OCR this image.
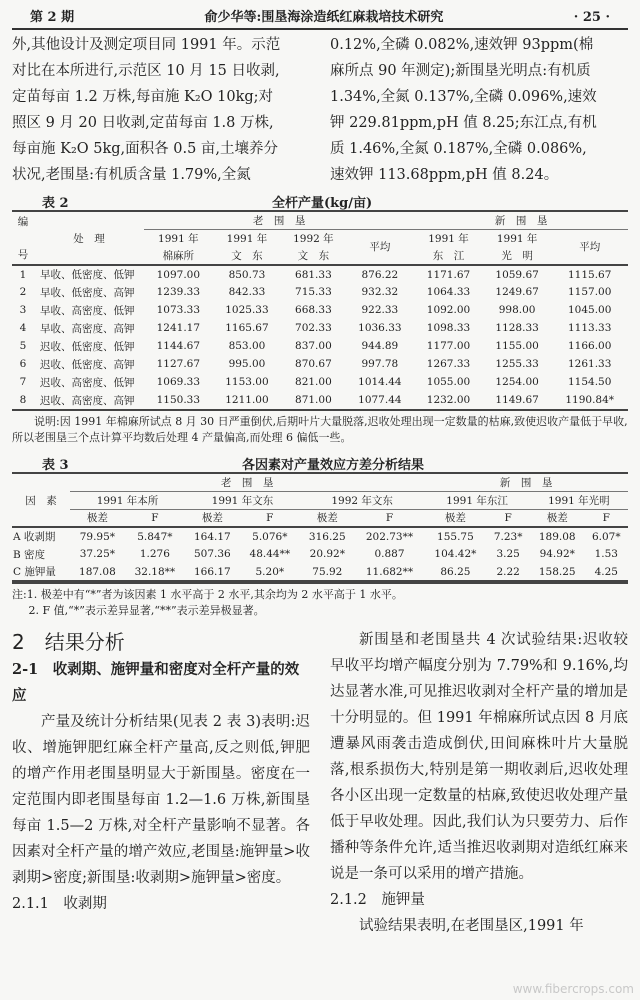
第 2 期	俞少华等:围垦海涂造纸红麻栽培技术研究	· 25 ·

外,其他设计及测定项目同 1991 年。示范

对比在本所进行,示范区 10 月 15 日收剥,

定苗每亩 1.2 万株,每亩施 K₂O 10kg;对

照区 9 月 20 日收剥,定苗每亩 1.8 万株,

每亩施 K₂O 5kg,面积各 0.5 亩,土壤养分

状况,老围垦:有机质含量 1.79%,全氮

0.12%,全磷 0.082%,速效钾 93ppm(棉

麻所点 90 年测定);新围垦光明点:有机质

1.34%,全氮 0.137%,全磷 0.096%,速效

钾 229.81ppm,pH 值 8.25;东江点,有机

质 1.46%,全氮 0.187%,全磷 0.086%,

速效钾 113.68ppm,pH 值 8.24。

表 2	全杆产量(kg/亩)
编
号	处　理	老　围　垦				新　围　垦		
		1991 年	1991 年	1992 年	平均	1991 年	1991 年	平均
		棉麻所	文　东	文　东		东　江	光　明	
1	早收、低密度、低钾	1097.00	850.73	681.33	876.22	1171.67	1059.67	1115.67
2	早收、低密度、高钾	1239.33	842.33	715.33	932.32	1064.33	1249.67	1157.00
3	早收、高密度、低钾	1073.33	1025.33	668.33	922.33	1092.00	998.00	1045.00
4	早收、高密度、高钾	1241.17	1165.67	702.33	1036.33	1098.33	1128.33	1113.33
5	迟收、低密度、低钾	1144.67	853.00	837.00	944.89	1177.00	1155.00	1166.00
6	迟收、低密度、高钾	1127.67	995.00	870.67	997.78	1267.33	1255.33	1261.33
7	迟收、高密度、低钾	1069.33	1153.00	821.00	1014.44	1055.00	1254.00	1154.50
8	迟收、高密度、高钾	1150.33	1211.00	871.00	1077.44	1232.00	1149.67	1190.84*
说明:因 1991 年棉麻所试点 8 月 30 日严重倒伏,后期叶片大量脱落,迟收处理出现一定数量的枯麻,致使迟收产量低于早收,所以老围垦三个点计算平均数后处理 4 产量偏高,而处理 6 偏低一些。
表 3	各因素对产量效应方差分析结果
因　素	老　围　垦						新　围　垦			
	1991 年本所		1991 年文东		1992 年文东		1991 年东江		1991 年光明	
	极差	F	极差	F	极差	F	极差	F	极差	F
A 收剥期	79.95*	5.847*	164.17	5.076*	316.25	202.73**	155.75	7.23*	189.08	6.07*
B 密度	37.25*	1.276	507.36	48.44**	20.92*	0.887	104.42*	3.25	94.92*	1.53
C 施钾量	187.08	32.18**	166.17	5.20*	75.92	11.682**	86.25	2.22	158.25	4.25
注:1. 极差中有“*”者为该因素 1 水平高于 2 水平,其余均为 2 水平高于 1 水平。
2. F 值,“*”表示差异显著,“**”表示差异极显著。
2　结果分析
2-1　收剥期、施钾量和密度对全杆产量的效应
产量及统计分析结果(见表 2 表 3)表明:迟收、增施钾肥红麻全杆产量高,反之则低,钾肥的增产作用老围垦明显大于新围垦。密度在一定范围内即老围垦每亩 1.2—1.6 万株,新围垦每亩 1.5—2 万株,对全杆产量影响不显著。各因素对全杆产量的增产效应,老围垦:施钾量>收剥期>密度;新围垦:收剥期>施钾量>密度。
2.1.1　收剥期
新围垦和老围垦共 4 次试验结果:迟收较早收平均增产幅度分别为 7.79%和 9.16%,均达显著水准,可见推迟收剥对全杆产量的增加是十分明显的。但 1991 年棉麻所试点因 8 月底遭暴风雨袭击造成倒伏,田间麻株叶片大量脱落,根系损伤大,特别是第一期收剥后,迟收处理各小区出现一定数量的枯麻,致使迟收处理产量低于早收处理。因此,我们认为只要劳力、后作播种等条件允许,适当推迟收剥期对造纸红麻来说是一条可以采用的增产措施。
2.1.2　施钾量
试验结果表明,在老围垦区,1991 年
www.fibercrops.com
